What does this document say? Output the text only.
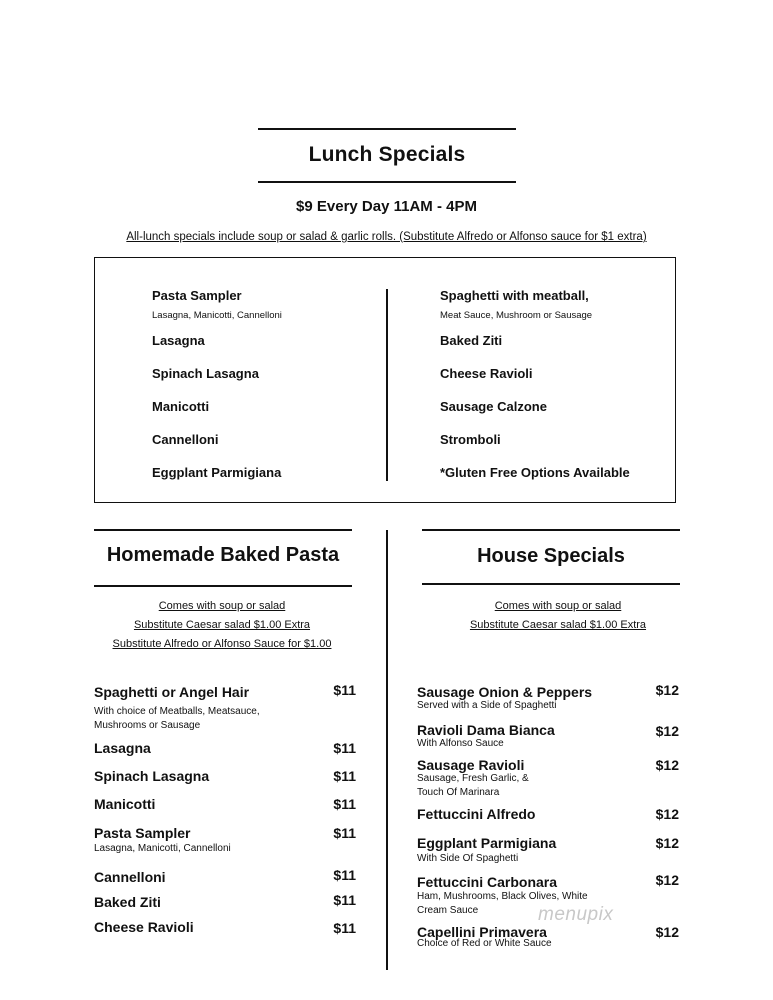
Lunch Specials
$9 Every Day 11AM - 4PM
All-lunch specials include soup or salad & garlic rolls. (Substitute Alfredo or Alfonso sauce for $1 extra)
Pasta Sampler
Lasagna, Manicotti, Cannelloni
Lasagna
Spinach Lasagna
Manicotti
Cannelloni
Eggplant Parmigiana
Spaghetti with meatball,
Meat Sauce, Mushroom or Sausage
Baked Ziti
Cheese Ravioli
Sausage Calzone
Stromboli
*Gluten Free Options Available
Homemade Baked Pasta
Comes with soup or salad
Substitute Caesar salad $1.00 Extra
Substitute Alfredo or Alfonso Sauce for $1.00
Spaghetti or Angel Hair	$11
With choice of Meatballs, Meatsauce,
Mushrooms or Sausage
Lasagna	$11
Spinach Lasagna	$11
Manicotti	$11
Pasta Sampler	$11
Lasagna, Manicotti, Cannelloni
Cannelloni	$11
Baked Ziti	$11
Cheese Ravioli	$11
House Specials
Comes with soup or salad
Substitute Caesar salad $1.00 Extra
Sausage Onion & Peppers	$12
Served with a Side of Spaghetti
Ravioli Dama Bianca	$12
With Alfonso Sauce
Sausage Ravioli	$12
Sausage, Fresh Garlic, &
Touch Of Marinara
Fettuccini Alfredo	$12
Eggplant Parmigiana	$12
With Side Of Spaghetti
Fettuccini Carbonara	$12
Ham, Mushrooms, Black Olives, White
Cream Sauce
Capellini Primavera	$12
Choice of Red or White Sauce
menupix
